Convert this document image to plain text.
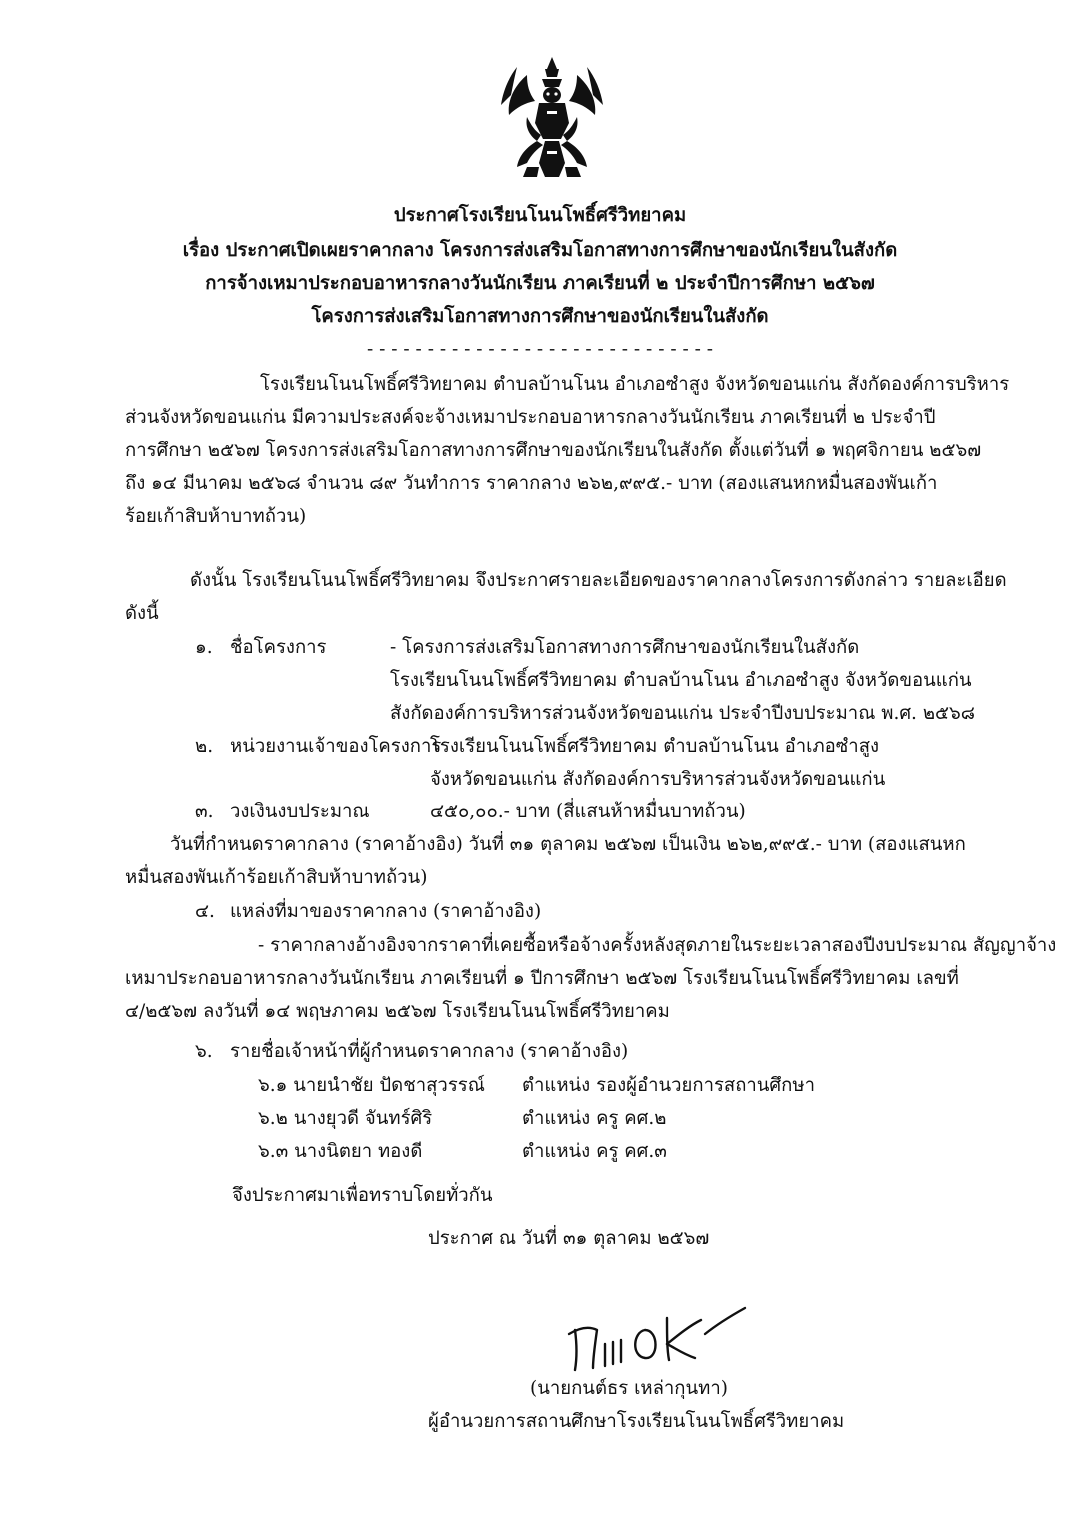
ประกาศโรงเรียนโนนโพธิ์ศรีวิทยาคม
เรื่อง ประกาศเปิดเผยราคากลาง โครงการส่งเสริมโอกาสทางการศึกษาของนักเรียนในสังกัด
การจ้างเหมาประกอบอาหารกลางวันนักเรียน ภาคเรียนที่ ๒ ประจำปีการศึกษา ๒๕๖๗
โครงการส่งเสริมโอกาสทางการศึกษาของนักเรียนในสังกัด
- - - - - - - - - - - - - - - - - - - - - - - - - - - - -
โรงเรียนโนนโพธิ์ศรีวิทยาคม ตำบลบ้านโนน อำเภอซำสูง จังหวัดขอนแก่น สังกัดองค์การบริหาร
ส่วนจังหวัดขอนแก่น มีความประสงค์จะจ้างเหมาประกอบอาหารกลางวันนักเรียน ภาคเรียนที่ ๒ ประจำปี
การศึกษา ๒๕๖๗ โครงการส่งเสริมโอกาสทางการศึกษาของนักเรียนในสังกัด ตั้งแต่วันที่ ๑ พฤศจิกายน ๒๕๖๗
ถึง ๑๔ มีนาคม ๒๕๖๘ จำนวน ๘๙ วันทำการ ราคากลาง ๒๖๒,๙๙๕.- บาท (สองแสนหกหมื่นสองพันเก้า
ร้อยเก้าสิบห้าบาทถ้วน)
ดังนั้น โรงเรียนโนนโพธิ์ศรีวิทยาคม จึงประกาศรายละเอียดของราคากลางโครงการดังกล่าว รายละเอียด
ดังนี้
๑. ชื่อโครงการ	- โครงการส่งเสริมโอกาสทางการศึกษาของนักเรียนในสังกัด
โรงเรียนโนนโพธิ์ศรีวิทยาคม ตำบลบ้านโนน อำเภอซำสูง จังหวัดขอนแก่น
สังกัดองค์การบริหารส่วนจังหวัดขอนแก่น ประจำปีงบประมาณ พ.ศ. ๒๕๖๘
๒. หน่วยงานเจ้าของโครงการ
โรงเรียนโนนโพธิ์ศรีวิทยาคม ตำบลบ้านโนน อำเภอซำสูง
จังหวัดขอนแก่น สังกัดองค์การบริหารส่วนจังหวัดขอนแก่น
๓. วงเงินงบประมาณ	๔๕๐,๐๐.- บาท (สี่แสนห้าหมื่นบาทถ้วน)
วันที่กำหนดราคากลาง (ราคาอ้างอิง) วันที่ ๓๑ ตุลาคม ๒๕๖๗ เป็นเงิน ๒๖๒,๙๙๕.- บาท (สองแสนหก
หมื่นสองพันเก้าร้อยเก้าสิบห้าบาทถ้วน)
๔. แหล่งที่มาของราคากลาง (ราคาอ้างอิง)
- ราคากลางอ้างอิงจากราคาที่เคยซื้อหรือจ้างครั้งหลังสุดภายในระยะเวลาสองปีงบประมาณ สัญญาจ้าง
เหมาประกอบอาหารกลางวันนักเรียน ภาคเรียนที่ ๑ ปีการศึกษา ๒๕๖๗ โรงเรียนโนนโพธิ์ศรีวิทยาคม เลขที่
๔/๒๕๖๗ ลงวันที่ ๑๔ พฤษภาคม ๒๕๖๗ โรงเรียนโนนโพธิ์ศรีวิทยาคม
๖. รายชื่อเจ้าหน้าที่ผู้กำหนดราคากลาง (ราคาอ้างอิง)
๖.๑ นายนำชัย ปัดชาสุวรรณ์ ตำแหน่ง รองผู้อำนวยการสถานศึกษา
๖.๒ นางยุวดี จันทร์ศิริ	ตำแหน่ง ครู คศ.๒
๖.๓ นางนิตยา ทองดี	ตำแหน่ง ครู คศ.๓
จึงประกาศมาเพื่อทราบโดยทั่วกัน
ประกาศ ณ วันที่ ๓๑ ตุลาคม ๒๕๖๗
(นายกนต์ธร เหล่ากุนทา)
ผู้อำนวยการสถานศึกษาโรงเรียนโนนโพธิ์ศรีวิทยาคม
